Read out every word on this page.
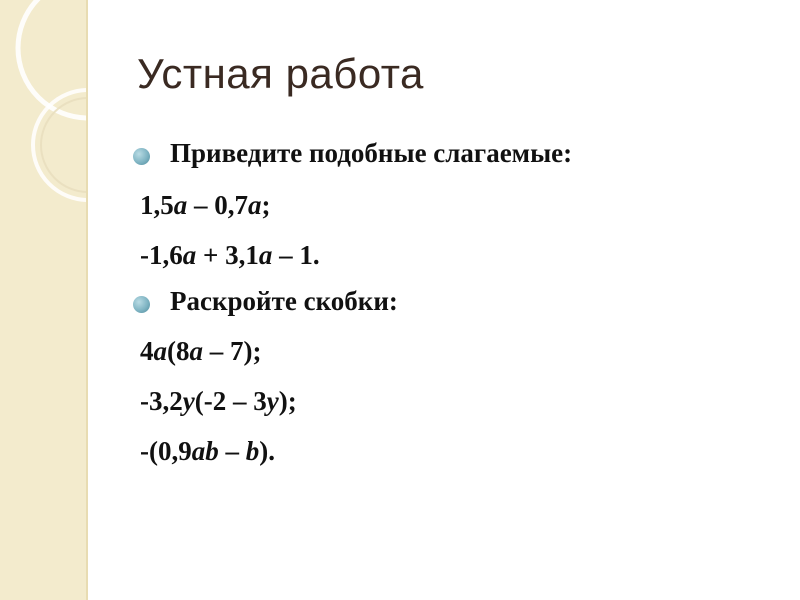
Устная работа
Приведите подобные слагаемые:
1,5a – 0,7a;
-1,6a + 3,1a – 1.
Раскройте скобки:
4a(8a – 7);
-3,2y(-2 – 3y);
-(0,9ab – b).
